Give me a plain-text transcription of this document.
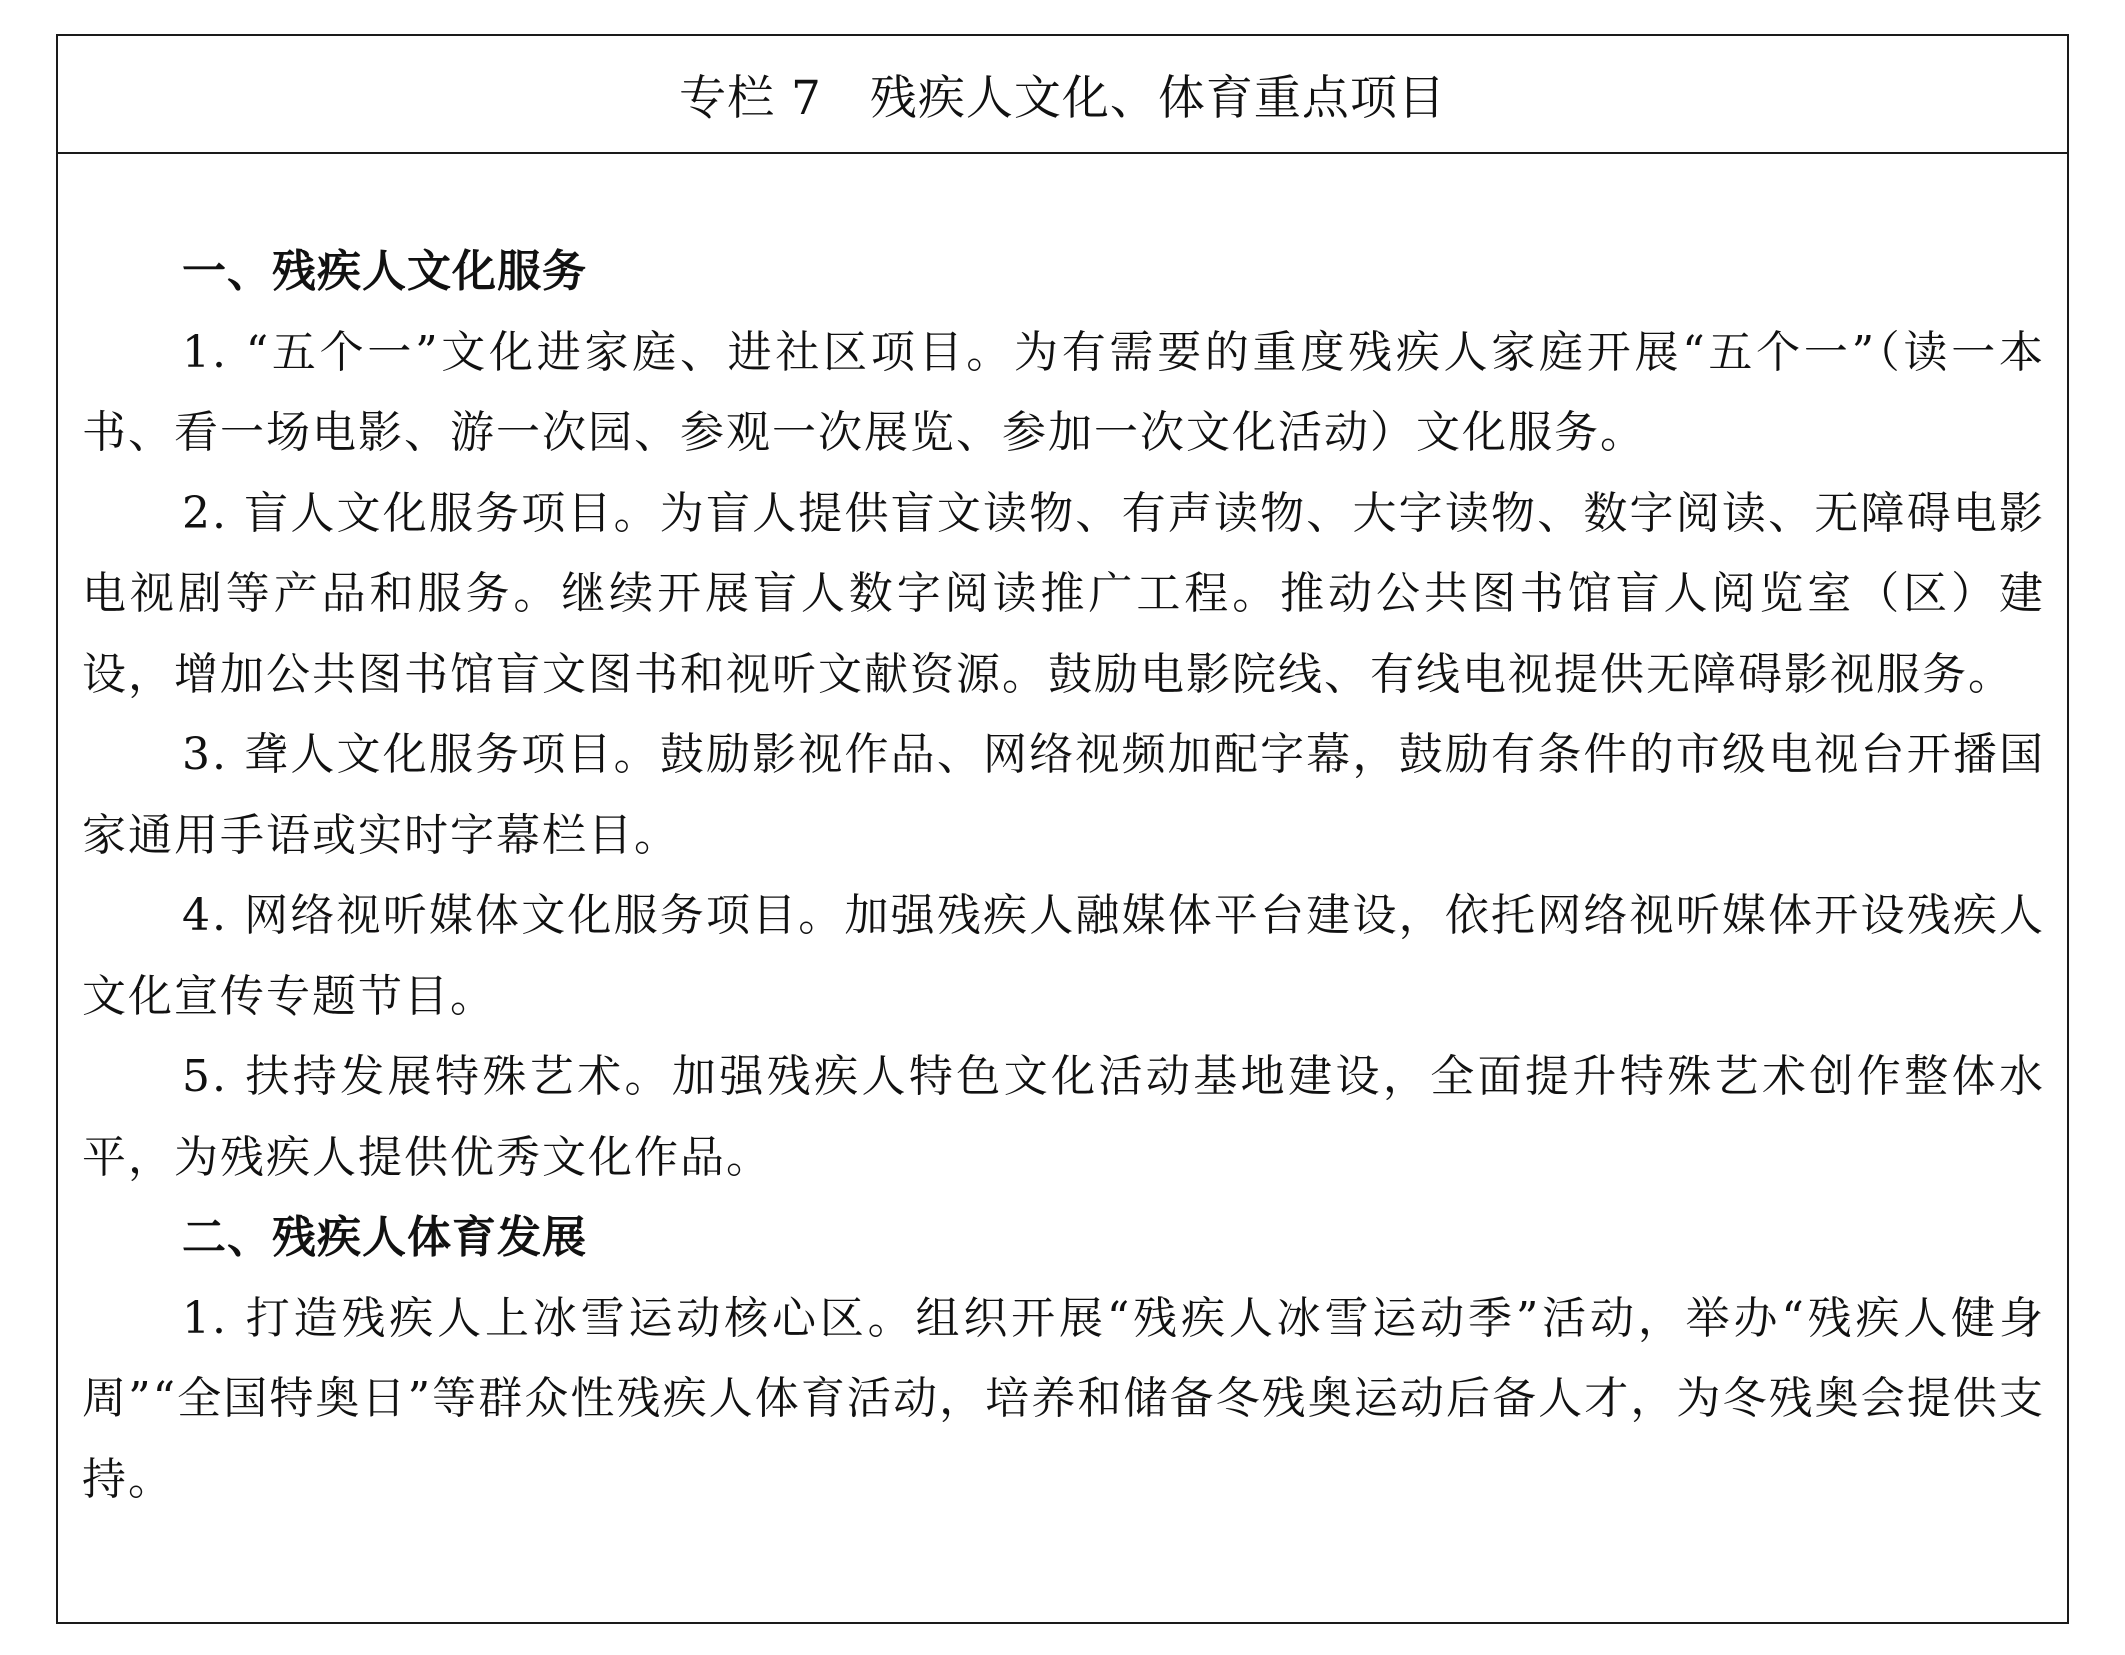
专栏 7　残疾人文化、体育重点项目
一、残疾人文化服务

1. “五个一”文化进家庭、进社区项目。为有需要的重度残疾人家庭开展“五个一”（读一本书、看一场电影、游一次园、参观一次展览、参加一次文化活动）文化服务。

2. 盲人文化服务项目。为盲人提供盲文读物、有声读物、大字读物、数字阅读、无障碍电影电视剧等产品和服务。继续开展盲人数字阅读推广工程。推动公共图书馆盲人阅览室（区）建设，增加公共图书馆盲文图书和视听文献资源。鼓励电影院线、有线电视提供无障碍影视服务。

3. 聋人文化服务项目。鼓励影视作品、网络视频加配字幕，鼓励有条件的市级电视台开播国家通用手语或实时字幕栏目。

4. 网络视听媒体文化服务项目。加强残疾人融媒体平台建设，依托网络视听媒体开设残疾人文化宣传专题节目。

5. 扶持发展特殊艺术。加强残疾人特色文化活动基地建设，全面提升特殊艺术创作整体水平，为残疾人提供优秀文化作品。

二、残疾人体育发展

1. 打造残疾人上冰雪运动核心区。组织开展“残疾人冰雪运动季”活动，举办“残疾人健身周”“全国特奥日”等群众性残疾人体育活动，培养和储备冬残奥运动后备人才，为冬残奥会提供支持。
